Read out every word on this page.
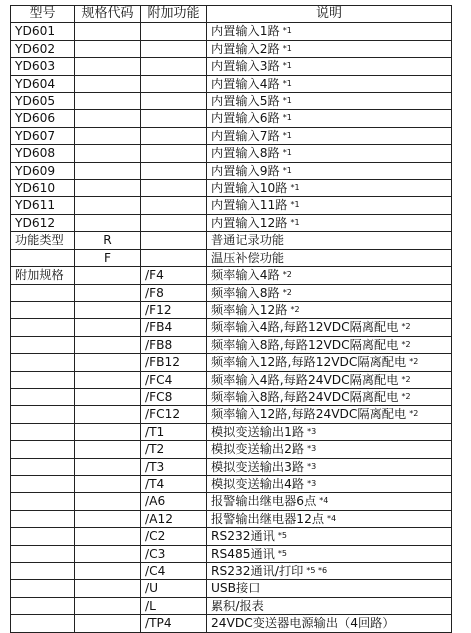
型号	规格代码	附加功能	说明
YD601			内置输入1路 $^{*1}$
YD602			内置输入2路 $^{*1}$
YD603			内置输入3路 $^{*1}$
YD604			内置输入4路 $^{*1}$
YD605			内置输入5路 $^{*1}$
YD606			内置输入6路 $^{*1}$
YD607			内置输入7路 $^{*1}$
YD608			内置输入8路 $^{*1}$
YD609			内置输入9路 $^{*1}$
YD610			内置输入10路 $^{*1}$
YD611			内置输入11路 $^{*1}$
YD612			内置输入12路 $^{*1}$
功能类型	R		普通记录功能
	F		温压补偿功能
附加规格		/F4	频率输入4路 $^{*2}$
		/F8	频率输入8路 $^{*2}$
		/F12	频率输入12路 $^{*2}$
		/FB4	频率输入4路,每路12VDC隔离配电 $^{*2}$
		/FB8	频率输入8路,每路12VDC隔离配电 $^{*2}$
		/FB12	频率输入12路,每路12VDC隔离配电 $^{*2}$
		/FC4	频率输入4路,每路24VDC隔离配电 $^{*2}$
		/FC8	频率输入8路,每路24VDC隔离配电 $^{*2}$
		/FC12	频率输入12路,每路24VDC隔离配电 $^{*2}$
		/T1	模拟变送输出1路 $^{*3}$
		/T2	模拟变送输出2路 $^{*3}$
		/T3	模拟变送输出3路 $^{*3}$
		/T4	模拟变送输出4路 $^{*3}$
		/A6	报警输出继电器6点 $^{*4}$
		/A12	报警输出继电器12点 $^{*4}$
		/C2	RS232通讯 $^{*5}$
		/C3	RS485通讯 $^{*5}$
		/C4	RS232通讯/打印 $^{*5 *6}$
		/U	USB接口
		/L	累积/报表
		/TP4	24VDC变送器电源输出（4回路）
